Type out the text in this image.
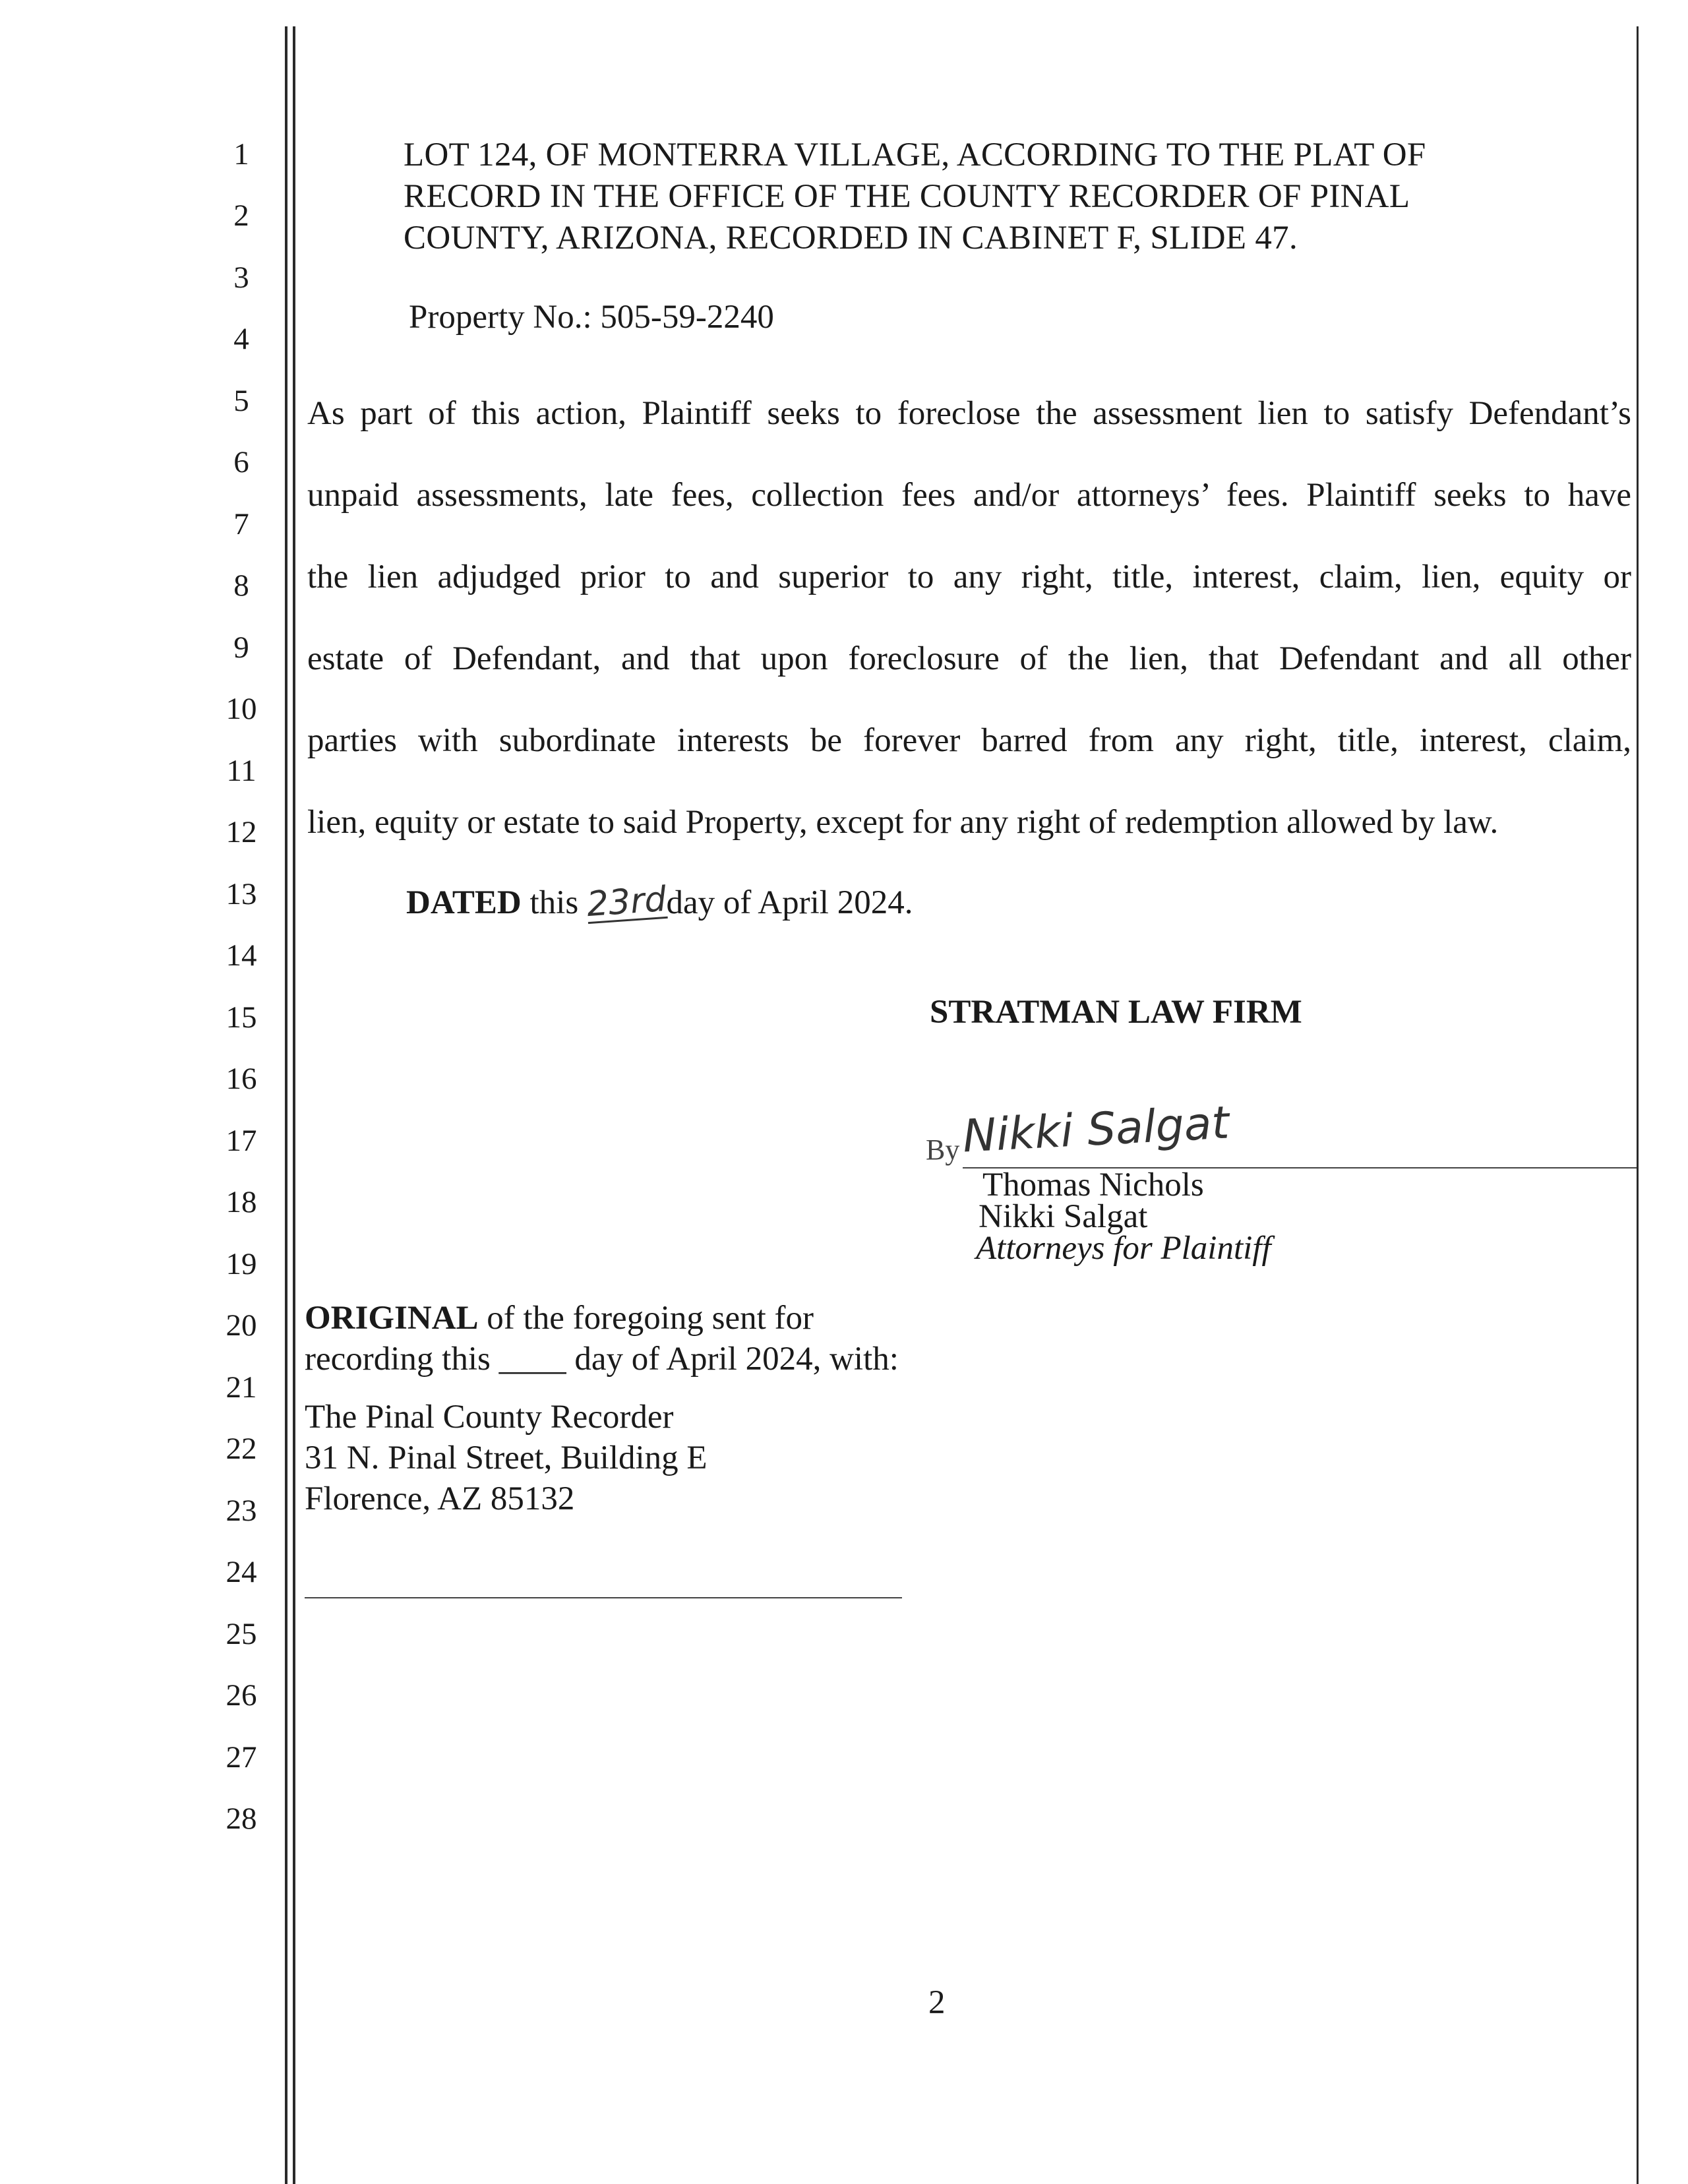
1
2
3
4
5
6
7
8
9
10
11
12
13
14
15
16
17
18
19
20
21
22
23
24
25
26
27
28
LOT 124, OF MONTERRA VILLAGE, ACCORDING TO THE PLAT OF
RECORD IN THE OFFICE OF THE COUNTY RECORDER OF PINAL
COUNTY, ARIZONA, RECORDED IN CABINET F, SLIDE 47.
Property No.: 505-59-2240
As part of this action, Plaintiff seeks to foreclose the assessment lien to satisfy Defendant’s
unpaid assessments, late fees, collection fees and/or attorneys’ fees. Plaintiff seeks to have
the lien adjudged prior to and superior to any right, title, interest, claim, lien, equity or
estate of Defendant, and that upon foreclosure of the lien, that Defendant and all other
parties with subordinate interests be forever barred from any right, title, interest, claim,
lien, equity or estate to said Property, except for any right of redemption allowed by law.
DATED this 23rdday of April 2024.
STRATMAN LAW FIRM
By Nikki Salgat
Thomas Nichols
Nikki Salgat
Attorneys for Plaintiff
ORIGINAL of the foregoing sent for
recording this ____ day of April 2024, with:
The Pinal County Recorder
31 N. Pinal Street, Building E
Florence, AZ 85132
2
